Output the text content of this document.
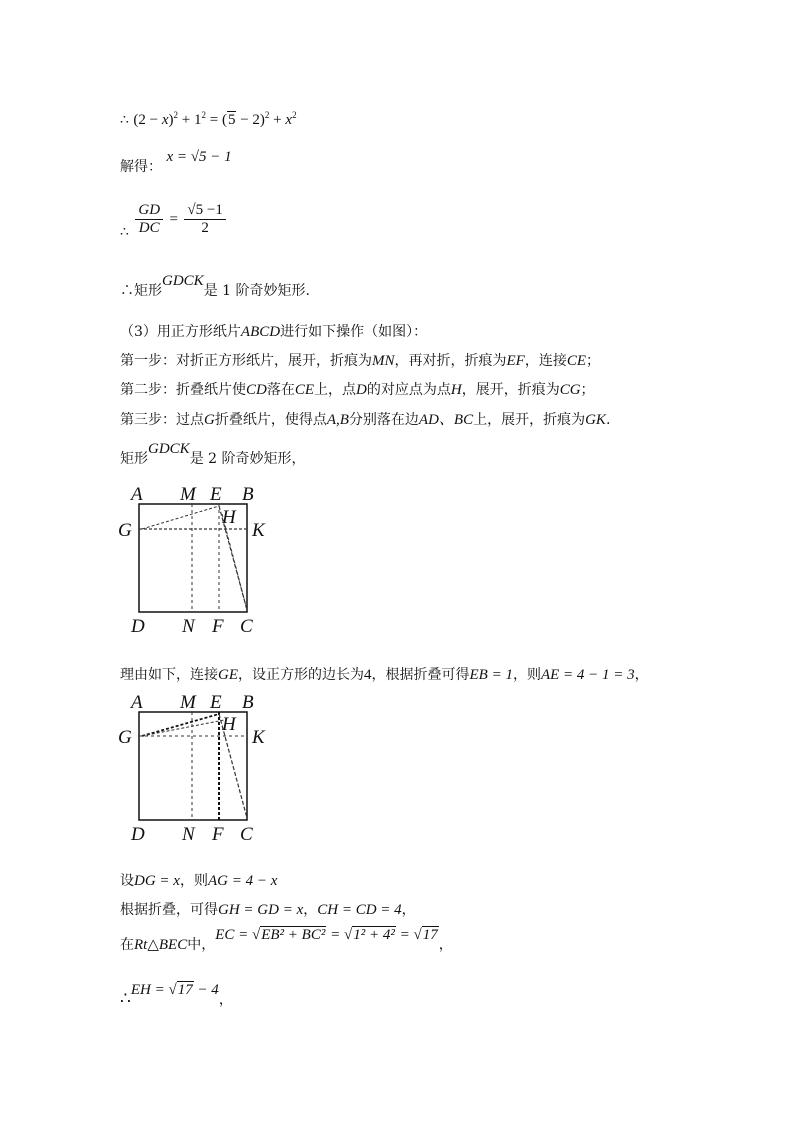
∴ $(2 - x)^2 + 1^2 = (5 - 2)^2 + x^2$
解得： x = √5 − 1
∴ $\frac{GD}{DC} = \frac{√5 -1}{2}$
∴矩形GDCK是 1 阶奇妙矩形.
（3）用正方形纸片ABCD进行如下操作（如图）：
第一步：对折正方形纸片，展开，折痕为MN，再对折，折痕为EF，连接CE；
第二步：折叠纸片使CD落在CE上，点D的对应点为点H，展开，折痕为CG；
第三步：过点G折叠纸片，使得点A,B分别落在边AD、BC上，展开，折痕为GK.
矩形GDCK是 2 阶奇妙矩形，
A M E B
G
H
K
D N F C
理由如下，连接GE，设正方形的边长为4，根据折叠可得EB = 1，则AE = 4 − 1 = 3，
A M E B
G
H
K
D N F C
设DG = x，则AG = 4 − x
根据折叠，可得GH = GD = x，CH = CD = 4，
在Rt△BEC中，EC = √EB² + BC² = √1² + 4² = √17，
∴EH = √17 − 4，
